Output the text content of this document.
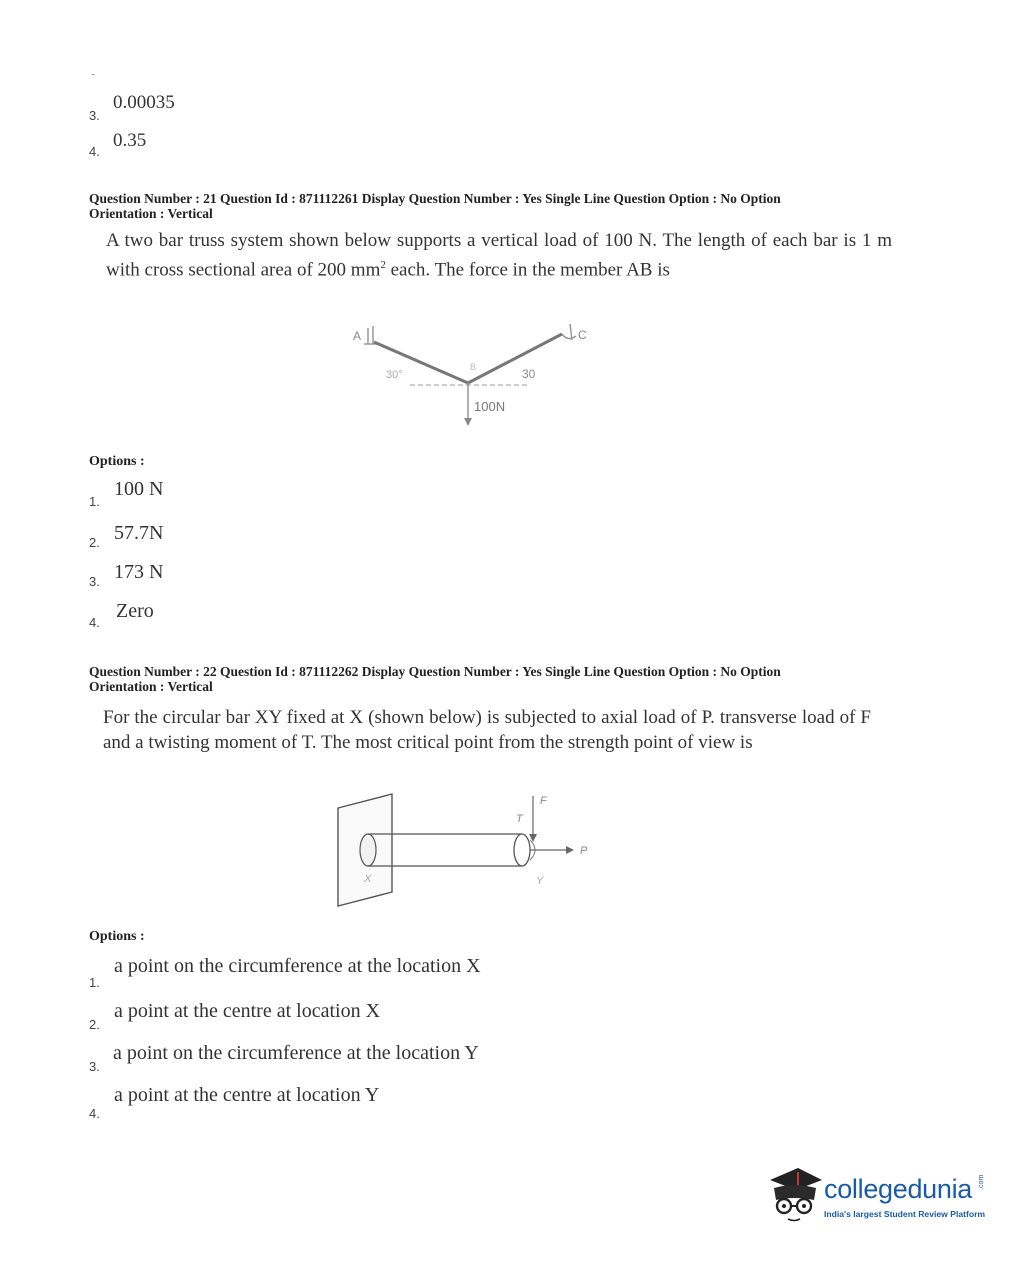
-
3.
0.00035
4.
0.35
Question Number : 21 Question Id : 871112261 Display Question Number : Yes Single Line Question Option : No Option
Orientation : Vertical
A two bar truss system shown below supports a vertical load of 100 N. The length of each bar is 1 m with cross sectional area of 200 $mm^2$ each. The force in the member AB is
A	C
30°
B	30
100N
Options :
1.
100 N
2. 57.7N
3. 173 N
4.
Zero
Question Number : 22 Question Id : 871112262 Display Question Number : Yes Single Line Question Option : No Option
Orientation : Vertical
For the circular bar XY fixed at X (shown below) is subjected to axial load of P. transverse load of F and a twisting moment of T. The most critical point from the strength point of view is
F
T
P
X	Y
Options :
1.
a point on the circumference at the location X
2.
a point at the centre at location X
3.
a point on the circumference at the location Y
4.
a point at the centre at location Y
collegedunia .com
India's largest Student Review Platform
